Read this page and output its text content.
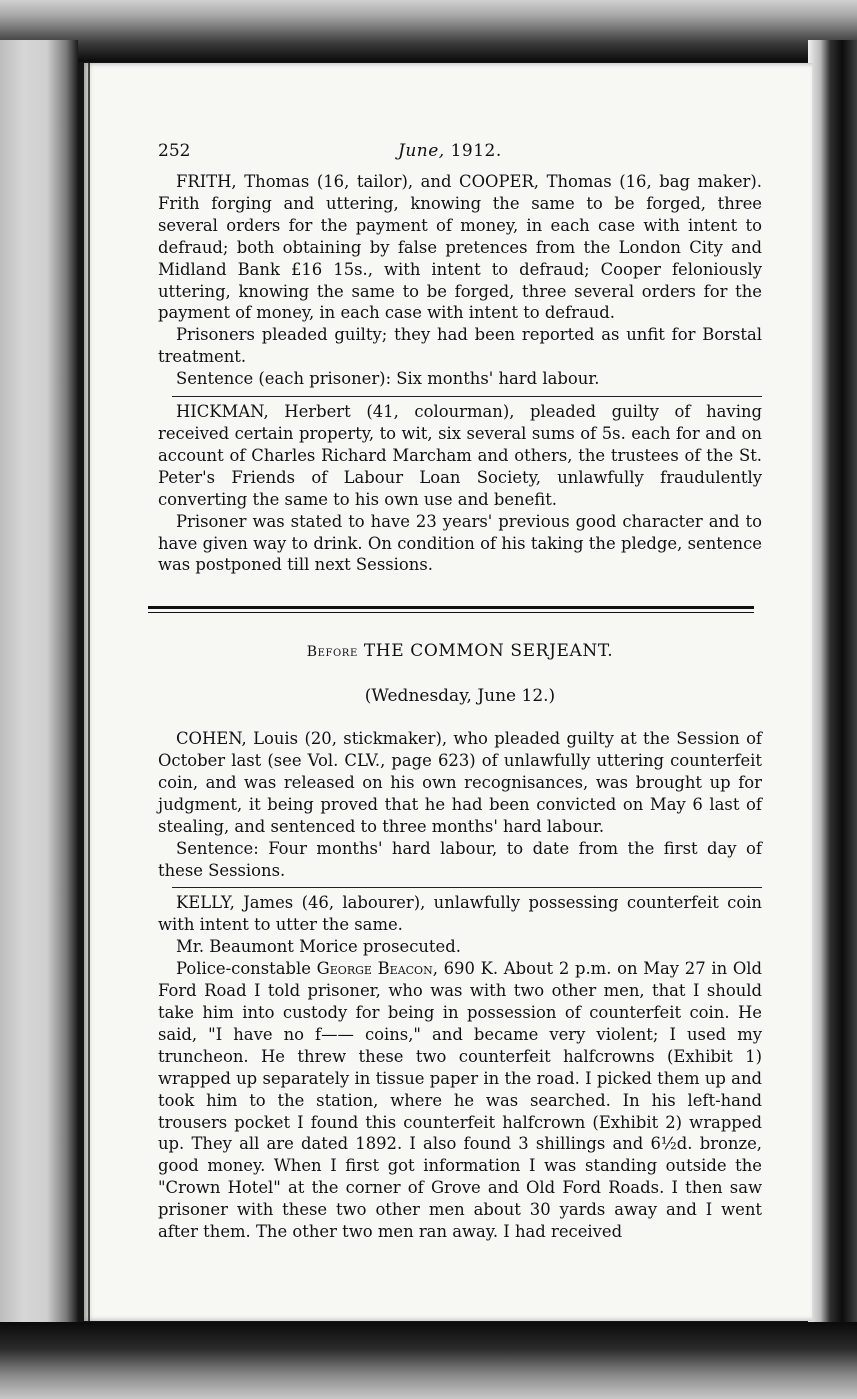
252	June, 1912.

FRITH, Thomas (16, tailor), and COOPER, Thomas (16, bag maker). Frith forging and uttering, knowing the same to be forged, three several orders for the payment of money, in each case with intent to defraud; both obtaining by false pretences from the London City and Midland Bank £16 15s., with intent to defraud; Cooper feloniously uttering, knowing the same to be forged, three several orders for the payment of money, in each case with intent to defraud.

Prisoners pleaded guilty; they had been reported as unfit for Borstal treatment.

Sentence (each prisoner): Six months' hard labour.

HICKMAN, Herbert (41, colourman), pleaded guilty of having received certain property, to wit, six several sums of 5s. each for and on account of Charles Richard Marcham and others, the trustees of the St. Peter's Friends of Labour Loan Society, unlawfully fraudulently converting the same to his own use and benefit.

Prisoner was stated to have 23 years' previous good character and to have given way to drink. On condition of his taking the pledge, sentence was postponed till next Sessions.

Before THE COMMON SERJEANT.
(Wednesday, June 12.)

COHEN, Louis (20, stickmaker), who pleaded guilty at the Session of October last (see Vol. CLV., page 623) of unlawfully uttering counterfeit coin, and was released on his own recognisances, was brought up for judgment, it being proved that he had been convicted on May 6 last of stealing, and sentenced to three months' hard labour.

Sentence: Four months' hard labour, to date from the first day of these Sessions.

KELLY, James (46, labourer), unlawfully possessing counterfeit coin with intent to utter the same.

Mr. Beaumont Morice prosecuted.

Police-constable George Beacon, 690 K. About 2 p.m. on May 27 in Old Ford Road I told prisoner, who was with two other men, that I should take him into custody for being in possession of counterfeit coin. He said, "I have no f—— coins," and became very violent; I used my truncheon. He threw these two counterfeit halfcrowns (Exhibit 1) wrapped up separately in tissue paper in the road. I picked them up and took him to the station, where he was searched. In his left-hand trousers pocket I found this counterfeit halfcrown (Exhibit 2) wrapped up. They all are dated 1892. I also found 3 shillings and 6½d. bronze, good money. When I first got information I was standing outside the "Crown Hotel" at the corner of Grove and Old Ford Roads. I then saw prisoner with these two other men about 30 yards away and I went after them. The other two men ran away. I had received
